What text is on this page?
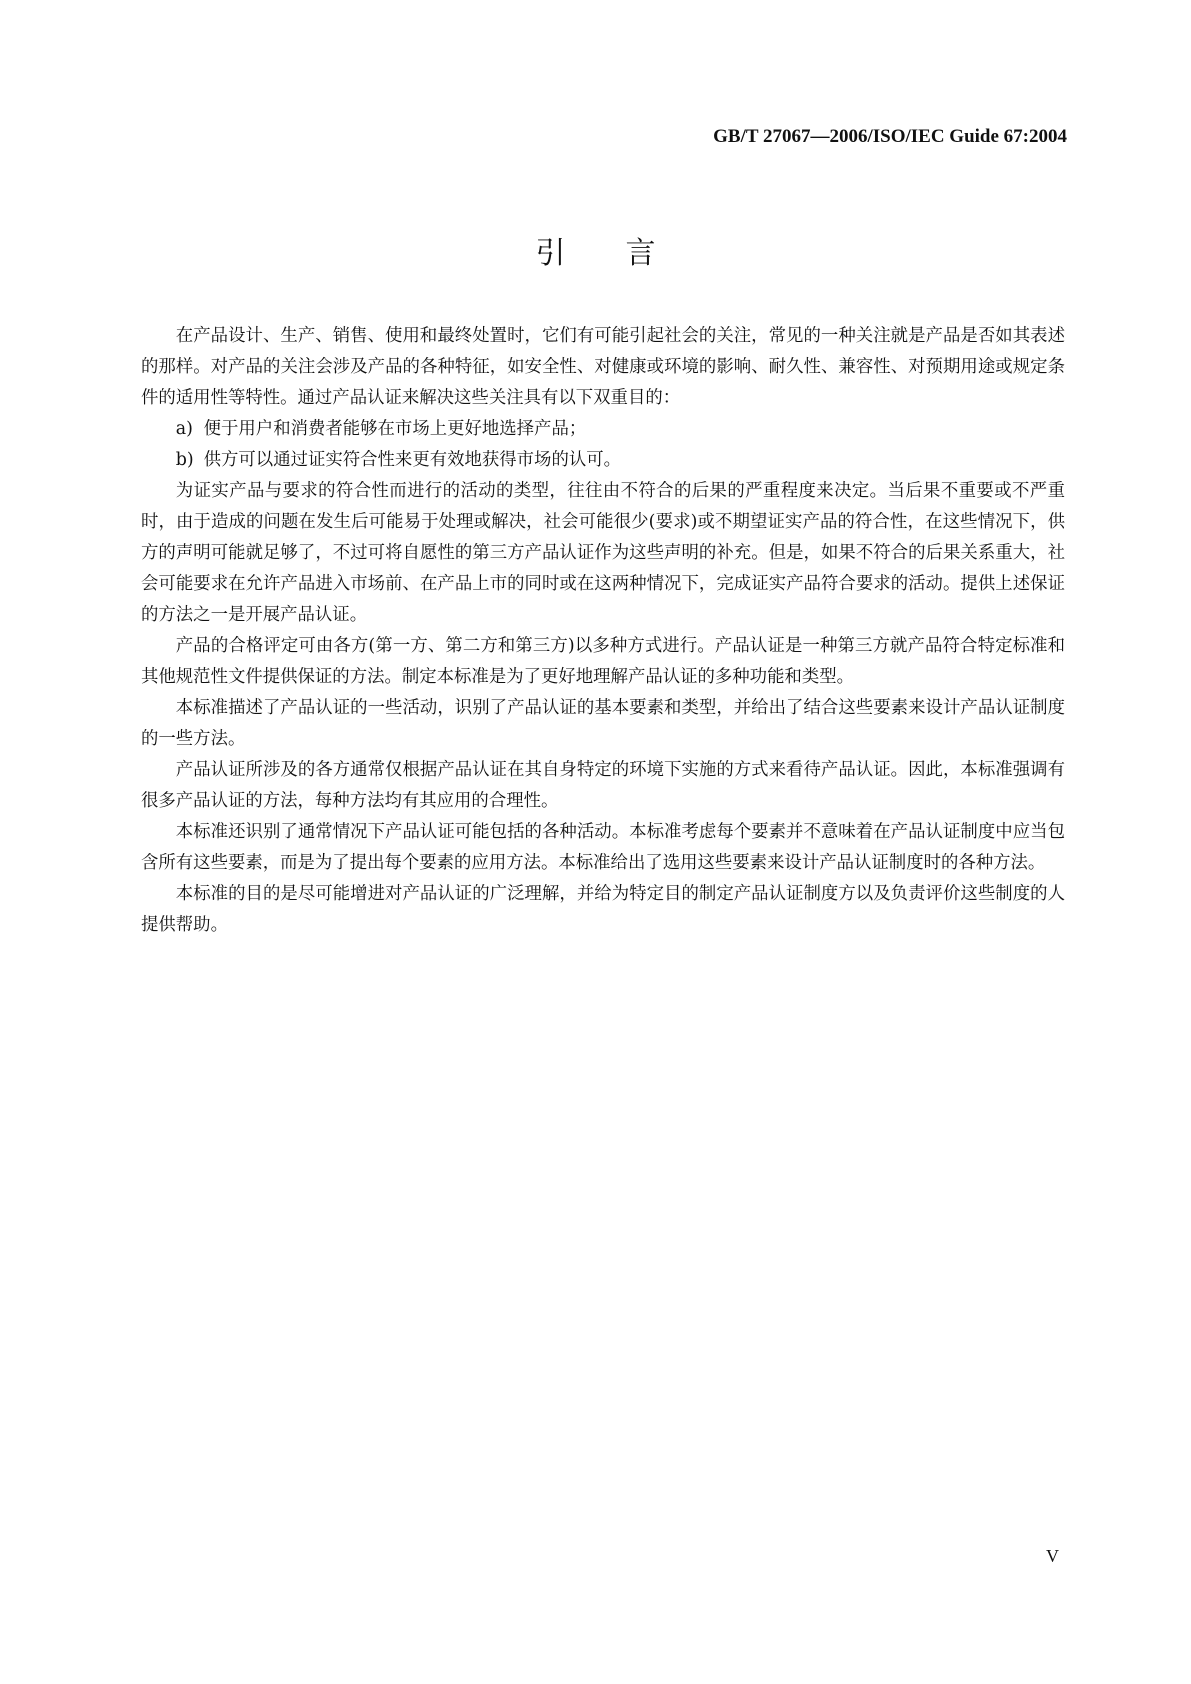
GB/T 27067—2006/ISO/IEC Guide 67:2004
引言

在产品设计、生产、销售、使用和最终处置时，它们有可能引起社会的关注，常见的一种关注就是产品是否如其表述的那样。对产品的关注会涉及产品的各种特征，如安全性、对健康或环境的影响、耐久性、兼容性、对预期用途或规定条件的适用性等特性。通过产品认证来解决这些关注具有以下双重目的：

a) 便于用户和消费者能够在市场上更好地选择产品；

b) 供方可以通过证实符合性来更有效地获得市场的认可。

为证实产品与要求的符合性而进行的活动的类型，往往由不符合的后果的严重程度来决定。当后果不重要或不严重时，由于造成的问题在发生后可能易于处理或解决，社会可能很少(要求)或不期望证实产品的符合性，在这些情况下，供方的声明可能就足够了，不过可将自愿性的第三方产品认证作为这些声明的补充。但是，如果不符合的后果关系重大，社会可能要求在允许产品进入市场前、在产品上市的同时或在这两种情况下，完成证实产品符合要求的活动。提供上述保证的方法之一是开展产品认证。

产品的合格评定可由各方(第一方、第二方和第三方)以多种方式进行。产品认证是一种第三方就产品符合特定标准和其他规范性文件提供保证的方法。制定本标准是为了更好地理解产品认证的多种功能和类型。

本标准描述了产品认证的一些活动，识别了产品认证的基本要素和类型，并给出了结合这些要素来设计产品认证制度的一些方法。

产品认证所涉及的各方通常仅根据产品认证在其自身特定的环境下实施的方式来看待产品认证。因此，本标准强调有很多产品认证的方法，每种方法均有其应用的合理性。

本标准还识别了通常情况下产品认证可能包括的各种活动。本标准考虑每个要素并不意味着在产品认证制度中应当包含所有这些要素，而是为了提出每个要素的应用方法。本标准给出了选用这些要素来设计产品认证制度时的各种方法。

本标准的目的是尽可能增进对产品认证的广泛理解，并给为特定目的制定产品认证制度方以及负责评价这些制度的人提供帮助。

V
